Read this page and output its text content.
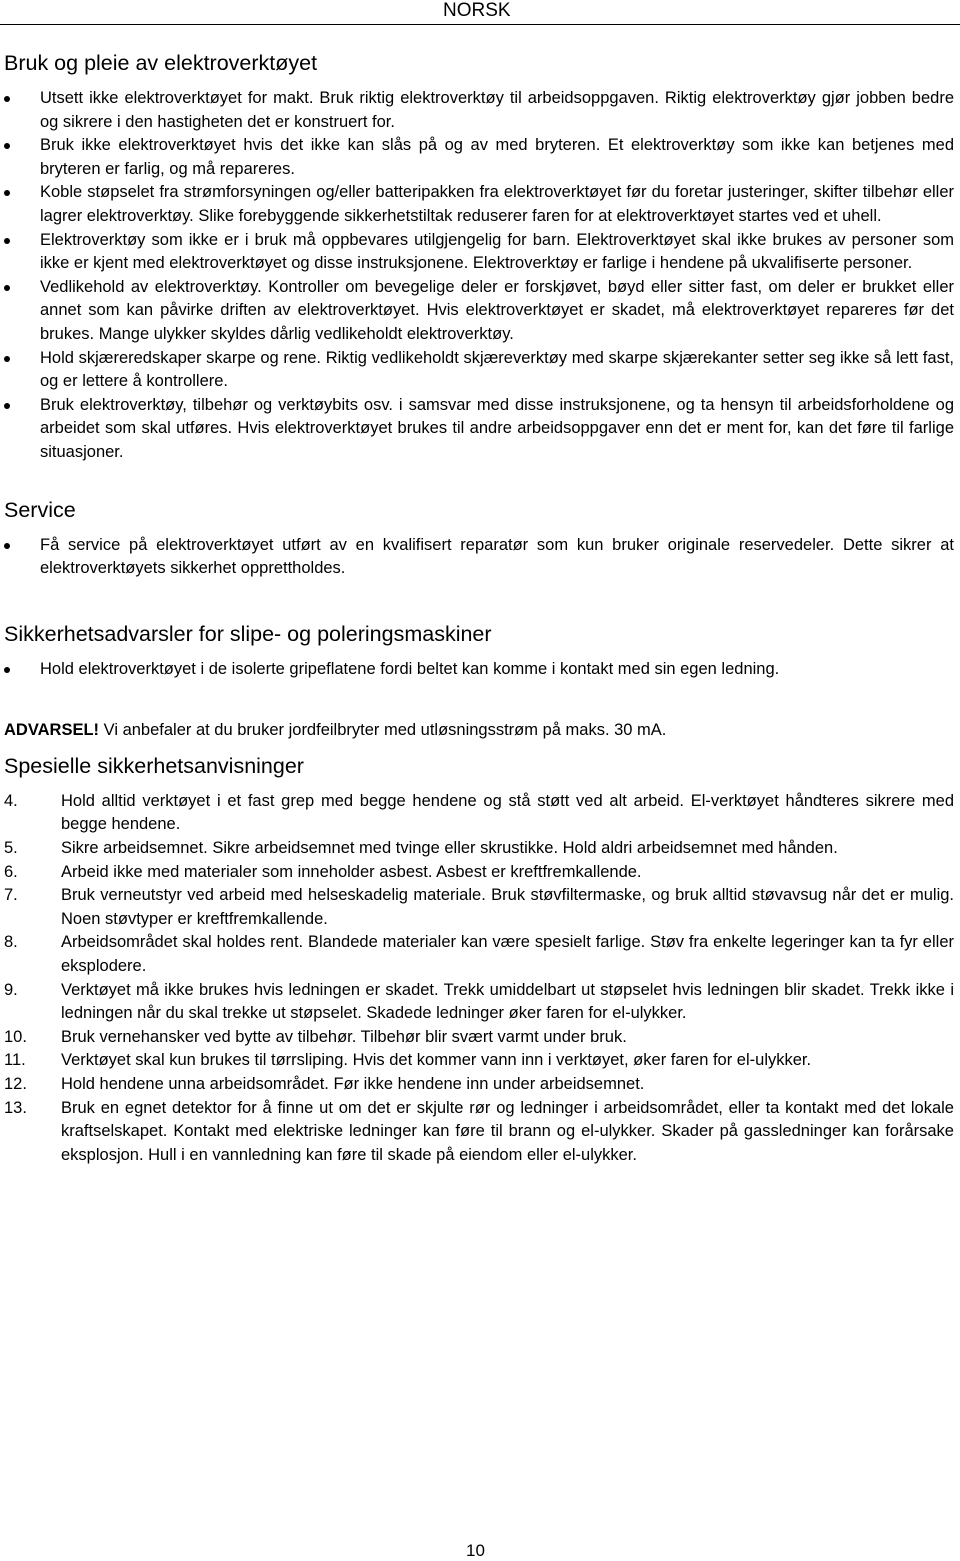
NORSK
Bruk og pleie av elektroverktøyet
Utsett ikke elektroverktøyet for makt. Bruk riktig elektroverktøy til arbeidsoppgaven. Riktig elektroverktøy gjør jobben bedre og sikrere i den hastigheten det er konstruert for.
Bruk ikke elektroverktøyet hvis det ikke kan slås på og av med bryteren. Et elektroverktøy som ikke kan betjenes med bryteren er farlig, og må repareres.
Koble støpselet fra strømforsyningen og/eller batteripakken fra elektroverktøyet før du foretar justeringer, skifter tilbehør eller lagrer elektroverktøy. Slike forebyggende sikkerhetstiltak reduserer faren for at elektroverktøyet startes ved et uhell.
Elektroverktøy som ikke er i bruk må oppbevares utilgjengelig for barn. Elektroverktøyet skal ikke brukes av personer som ikke er kjent med elektroverktøyet og disse instruksjonene. Elektroverktøy er farlige i hendene på ukvalifiserte personer.
Vedlikehold av elektroverktøy. Kontroller om bevegelige deler er forskjøvet, bøyd eller sitter fast, om deler er brukket eller annet som kan påvirke driften av elektroverktøyet. Hvis elektroverktøyet er skadet, må elektroverktøyet repareres før det brukes. Mange ulykker skyldes dårlig vedlikeholdt elektroverktøy.
Hold skjæreredskaper skarpe og rene. Riktig vedlikeholdt skjæreverktøy med skarpe skjærekanter setter seg ikke så lett fast, og er lettere å kontrollere.
Bruk elektroverktøy, tilbehør og verktøybits osv. i samsvar med disse instruksjonene, og ta hensyn til arbeidsforholdene og arbeidet som skal utføres. Hvis elektroverktøyet brukes til andre arbeidsoppgaver enn det er ment for, kan det føre til farlige situasjoner.
Service
Få service på elektroverktøyet utført av en kvalifisert reparatør som kun bruker originale reservedeler. Dette sikrer at elektroverktøyets sikkerhet opprettholdes.
Sikkerhetsadvarsler for slipe- og poleringsmaskiner
Hold elektroverktøyet i de isolerte gripeflatene fordi beltet kan komme i kontakt med sin egen ledning.

ADVARSEL! Vi anbefaler at du bruker jordfeilbryter med utløsningsstrøm på maks. 30 mA.

Spesielle sikkerhetsanvisninger
4.	Hold alltid verktøyet i et fast grep med begge hendene og stå støtt ved alt arbeid. El-verktøyet håndteres sikrere med begge hendene.
5.	Sikre arbeidsemnet. Sikre arbeidsemnet med tvinge eller skrustikke. Hold aldri arbeidsemnet med hånden.
6.	Arbeid ikke med materialer som inneholder asbest. Asbest er kreftfremkallende.
7.	Bruk verneutstyr ved arbeid med helseskadelig materiale. Bruk støvfiltermaske, og bruk alltid støvavsug når det er mulig. Noen støvtyper er kreftfremkallende.
8.	Arbeidsområdet skal holdes rent. Blandede materialer kan være spesielt farlige. Støv fra enkelte legeringer kan ta fyr eller eksplodere.
9.	Verktøyet må ikke brukes hvis ledningen er skadet. Trekk umiddelbart ut støpselet hvis ledningen blir skadet. Trekk ikke i ledningen når du skal trekke ut støpselet. Skadede ledninger øker faren for el-ulykker.
10. Bruk vernehansker ved bytte av tilbehør. Tilbehør blir svært varmt under bruk.
11. Verktøyet skal kun brukes til tørrsliping. Hvis det kommer vann inn i verktøyet, øker faren for el-ulykker.
12. Hold hendene unna arbeidsområdet. Før ikke hendene inn under arbeidsemnet.
13. Bruk en egnet detektor for å finne ut om det er skjulte rør og ledninger i arbeidsområdet, eller ta kontakt med det lokale kraftselskapet. Kontakt med elektriske ledninger kan føre til brann og el-ulykker. Skader på gassledninger kan forårsake eksplosjon. Hull i en vannledning kan føre til skade på eiendom eller el-ulykker.
10
